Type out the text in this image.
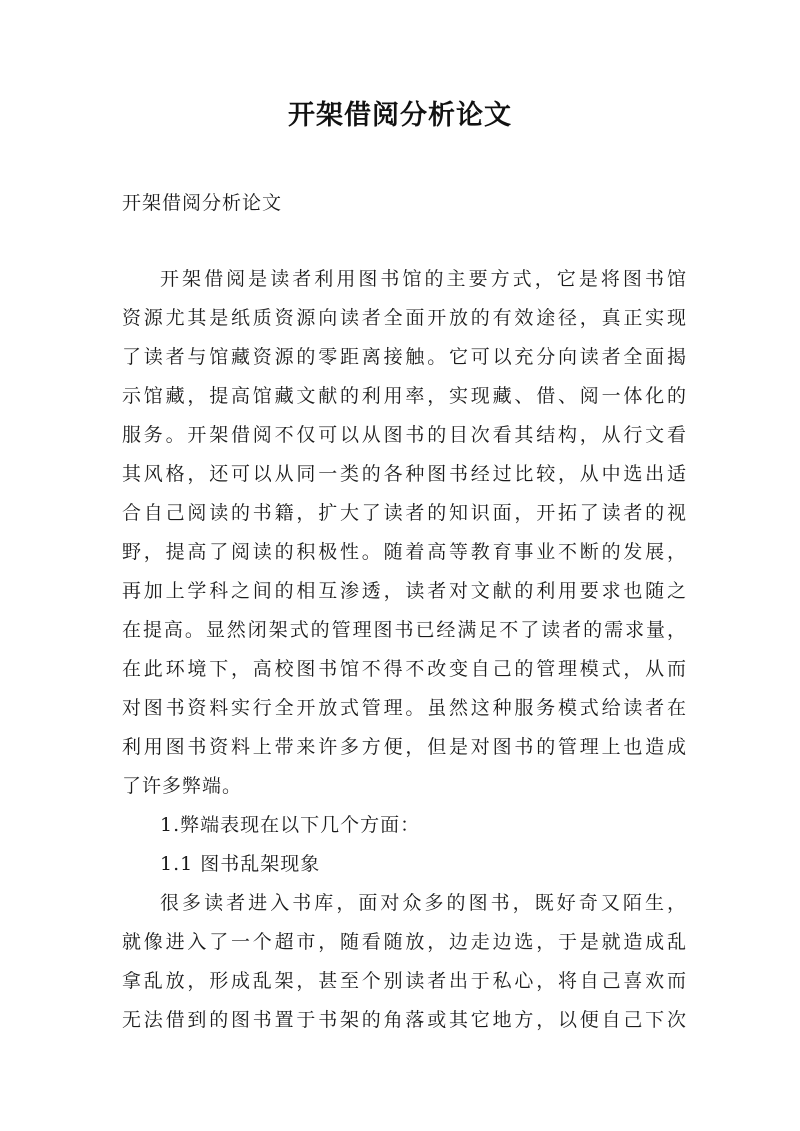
开架借阅分析论文
开架借阅分析论文
开架借阅是读者利用图书馆的主要方式，它是将图书馆
资源尤其是纸质资源向读者全面开放的有效途径，真正实现
了读者与馆藏资源的零距离接触。它可以充分向读者全面揭
示馆藏，提高馆藏文献的利用率，实现藏、借、阅一体化的
服务。开架借阅不仅可以从图书的目次看其结构，从行文看
其风格，还可以从同一类的各种图书经过比较，从中选出适
合自己阅读的书籍，扩大了读者的知识面，开拓了读者的视
野，提高了阅读的积极性。随着高等教育事业不断的发展，
再加上学科之间的相互渗透，读者对文献的利用要求也随之
在提高。显然闭架式的管理图书已经满足不了读者的需求量，
在此环境下，高校图书馆不得不改变自己的管理模式，从而
对图书资料实行全开放式管理。虽然这种服务模式给读者在
利用图书资料上带来许多方便，但是对图书的管理上也造成
了许多弊端。
1.弊端表现在以下几个方面：
1.1 图书乱架现象
很多读者进入书库，面对众多的图书，既好奇又陌生，
就像进入了一个超市，随看随放，边走边选，于是就造成乱
拿乱放，形成乱架，甚至个别读者出于私心，将自己喜欢而
无法借到的图书置于书架的角落或其它地方，以便自己下次
